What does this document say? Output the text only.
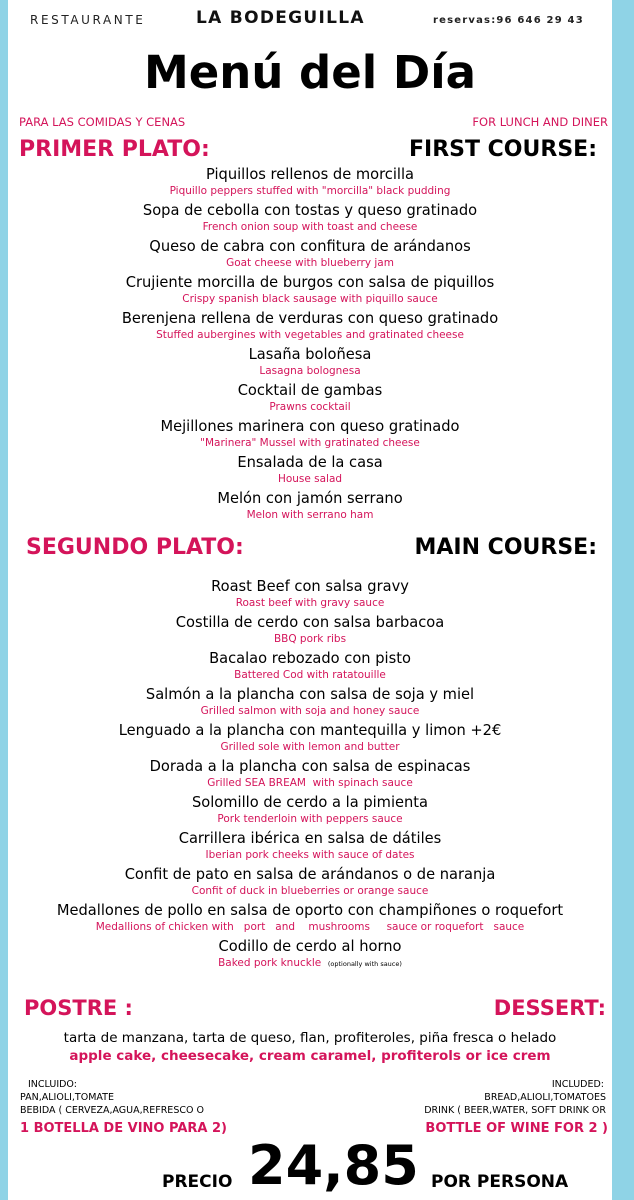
RESTAURANTE	LA BODEGUILLA	reservas:96 646 29 43
Menú del Día
PARA LAS COMIDAS Y CENAS	FOR LUNCH AND DINER
PRIMER PLATO:	FIRST COURSE:
Piquillos rellenos de morcilla
Piquillo peppers stuffed with "morcilla" black pudding
Sopa de cebolla con tostas y queso gratinado
French onion soup with toast and cheese
Queso de cabra con confitura de arándanos
Goat cheese with blueberry jam
Crujiente morcilla de burgos con salsa de piquillos
Crispy spanish black sausage with piquillo sauce
Berenjena rellena de verduras con queso gratinado
Stuffed aubergines with vegetables and gratinated cheese
Lasaña boloñesa
Lasagna bolognesa
Cocktail de gambas
Prawns cocktail
Mejillones marinera con queso gratinado
"Marinera" Mussel with gratinated cheese
Ensalada de la casa
House salad
Melón con jamón serrano
Melon with serrano ham
SEGUNDO PLATO:	MAIN COURSE:
Roast Beef con salsa gravy
Roast beef with gravy sauce
Costilla de cerdo con salsa barbacoa
BBQ pork ribs
Bacalao rebozado con pisto
Battered Cod with ratatouille
Salmón a la plancha con salsa de soja y miel
Grilled salmon with soja and honey sauce
Lenguado a la plancha con mantequilla y limon +2€
Grilled sole with lemon and butter
Dorada a la plancha con salsa de espinacas
Grilled SEA BREAM  with spinach sauce
Solomillo de cerdo a la pimienta
Pork tenderloin with peppers sauce
Carrillera ibérica en salsa de dátiles
Iberian pork cheeks with sauce of dates
Confit de pato en salsa de arándanos o de naranja
Confit of duck in blueberries or orange sauce
Medallones de pollo en salsa de oporto con champiñones o roquefort
Medallions of chicken with   port   and    mushrooms     sauce or roquefort   sauce
Codillo de cerdo al horno
Baked pork knuckle (optionally with sauce)
POSTRE :	DESSERT:
tarta de manzana, tarta de queso, flan, profiteroles, piña fresca o helado
apple cake, cheesecake, cream caramel, profiterols or ice crem
INCLUIDO:
PAN,ALIOLI,TOMATE
BEBIDA ( CERVEZA,AGUA,REFRESCO O
1 BOTELLA DE VINO PARA 2)
INCLUDED:
BREAD,ALIOLI,TOMATOES
DRINK ( BEER,WATER, SOFT DRINK OR
BOTTLE OF WINE FOR 2 )
PRECIO 24,85 POR PERSONA
